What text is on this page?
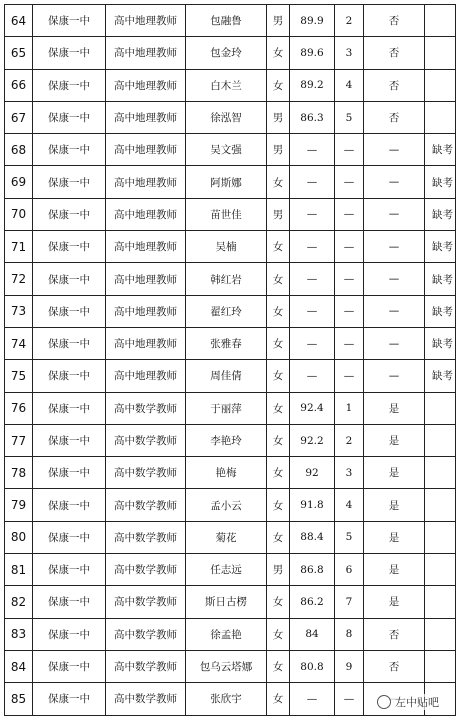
64	保康一中	高中地理教师	包融鲁	男	89.9	2	否	
65	保康一中	高中地理教师	包金玲	女	89.6	3	否	
66	保康一中	高中地理教师	白木兰	女	89.2	4	否	
67	保康一中	高中地理教师	徐泓智	男	86.3	5	否	
68	保康一中	高中地理教师	吴文强	男	—	—	—	缺考
69	保康一中	高中地理教师	阿斯娜	女	—	—	—	缺考
70	保康一中	高中地理教师	苗世佳	男	—	—	—	缺考
71	保康一中	高中地理教师	吴楠	女	—	—	—	缺考
72	保康一中	高中地理教师	韩红岩	女	—	—	—	缺考
73	保康一中	高中地理教师	翟红玲	女	—	—	—	缺考
74	保康一中	高中地理教师	张雅春	女	—	—	—	缺考
75	保康一中	高中地理教师	周佳倩	女	—	—	—	缺考
76	保康一中	高中数学教师	于丽萍	女	92.4	1	是	
77	保康一中	高中数学教师	李艳玲	女	92.2	2	是	
78	保康一中	高中数学教师	艳梅	女	92	3	是	
79	保康一中	高中数学教师	孟小云	女	91.8	4	是	
80	保康一中	高中数学教师	菊花	女	88.4	5	是	
81	保康一中	高中数学教师	任志远	男	86.8	6	是	
82	保康一中	高中数学教师	斯日古楞	女	86.2	7	是	
83	保康一中	高中数学教师	徐孟艳	女	84	8	否	
84	保康一中	高中数学教师	包乌云塔娜	女	80.8	9	否	
85	保康一中	高中数学教师	张欣宇	女	—	—			左中贴吧
